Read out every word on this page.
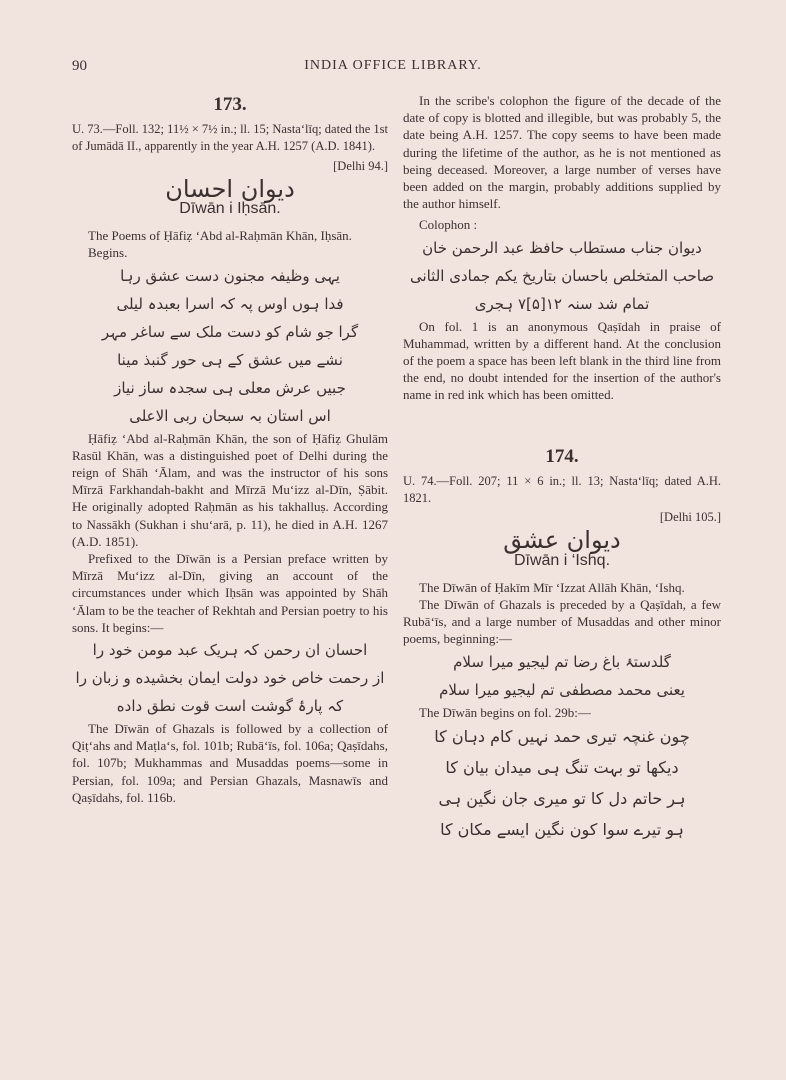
90	INDIA OFFICE LIBRARY.
173.

U. 73.—Foll. 132; 11½ × 7½ in.; ll. 15; Nasta‘līq; dated the 1st of Jumādā II., apparently in the year A.H. 1257 (A.D. 1841).

[Delhi 94.]
دیوان احسان
Dīwān i Iḥsān.

The Poems of Ḥāfiẓ ‘Abd al-Raḥmān Khān, Iḥsān.

Begins.

یہی وظیفہ مجنون دست عشق رہا
فدا ہوں اوس پہ کہ اسرا بعبدہ لیلی
گرا جو شام کو دست ملک سے ساغر مہر
نشے میں عشق کے ہی حور گنبذ مینا
جبیں عرش معلی ہی سجدہ ساز نیاز
اس استان بہ سبحان ربی الاعلی

Ḥāfiẓ ‘Abd al-Raḥmān Khān, the son of Ḥāfiẓ Ghulām Rasūl Khān, was a distinguished poet of Delhi during the reign of Shāh ‘Ālam, and was the instructor of his sons Mīrzā Farkhandah-bakht and Mīrzā Mu‘izz al-Dīn, Ṣābit. He originally adopted Raḥmān as his takhalluṣ. According to Nassākh (Sukhan i shu‘arā, p. 11), he died in A.H. 1267 (A.D. 1851).

Prefixed to the Dīwān is a Persian preface written by Mīrzā Mu‘izz al-Dīn, giving an account of the circumstances under which Iḥsān was appointed by Shāh ‘Ālam to be the teacher of Rekhtah and Persian poetry to his sons. It begins:—

احسان ان رحمن کہ ہریک عبد مومن خود را
از رحمت خاص خود دولت ایمان بخشیده و زبان را
کہ پارۂ گوشت است قوت نطق داده

The Dīwān of Ghazals is followed by a collection of Qiṭ‘ahs and Maṭla‘s, fol. 101b; Rubā‘īs, fol. 106a; Qaṣīdahs, fol. 107b; Mukhammas and Musaddas poems—some in Persian, fol. 109a; and Persian Ghazals, Masnawīs and Qaṣīdahs, fol. 116b.

In the scribe's colophon the figure of the decade of the date of copy is blotted and illegible, but was probably 5, the date being A.H. 1257. The copy seems to have been made during the lifetime of the author, as he is not mentioned as being deceased. Moreover, a large number of verses have been added on the margin, probably additions supplied by the author himself.

Colophon :

دیوان جناب مستطاب حافظ عبد الرحمن خان
صاحب المتخلص باحسان بتاریخ یکم جمادی الثانی
تمام شد سنہ ۱۲[۵]۷ ہجری

On fol. 1 is an anonymous Qaṣīdah in praise of Muhammad, written by a different hand. At the conclusion of the poem a space has been left blank in the third line from the end, no doubt intended for the insertion of the author's name in red ink which has been omitted.

174.

U. 74.—Foll. 207; 11 × 6 in.; ll. 13; Nasta‘līq; dated A.H. 1821.

[Delhi 105.]
دیوان عشق
Dīwān i ‘Ishq.

The Dīwān of Ḥakīm Mīr ‘Izzat Allāh Khān, ‘Ishq.

The Dīwān of Ghazals is preceded by a Qaṣīdah, a few Rubā‘īs, and a large number of Musaddas and other minor poems, beginning:—

گلدستۂ باغ رضا تم لیجیو میرا سلام
یعنی محمد مصطفی تم لیجیو میرا سلام

The Dīwān begins on fol. 29b:—

چون غنچہ تیری حمد نہیں کام دہان کا
دیکھا تو بہت تنگ ہی میدان بیان کا
ہر حاتم دل کا تو میری جان نگین ہی
ہو تیرے سوا کون نگین ایسے مکان کا
